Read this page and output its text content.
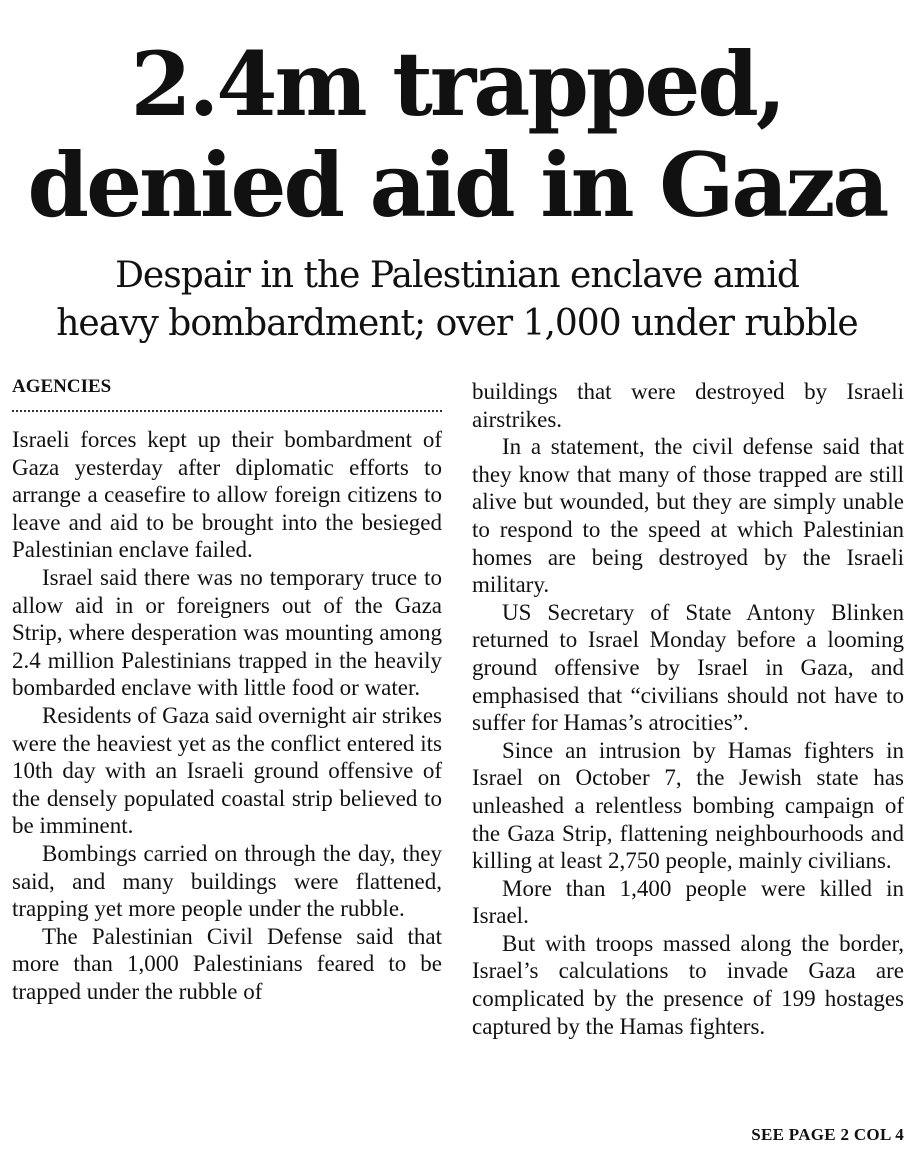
2.4m trapped,
denied aid in Gaza
Despair in the Palestinian enclave amid
heavy bombardment; over 1,000 under rubble
AGENCIES

Israeli forces kept up their bombardment of Gaza yesterday after diplomatic efforts to arrange a ceasefire to allow foreign citizens to leave and aid to be brought into the besieged Palestinian enclave failed.

Israel said there was no temporary truce to allow aid in or foreigners out of the Gaza Strip, where desperation was mounting among 2.4 million Palestinians trapped in the heavily bombarded enclave with little food or water.

Residents of Gaza said overnight air strikes were the heaviest yet as the conflict entered its 10th day with an Israeli ground offensive of the densely populated coastal strip believed to be imminent.

Bombings carried on through the day, they said, and many buildings were flattened, trapping yet more people under the rubble.

The Palestinian Civil Defense said that more than 1,000 Palestinians feared to be trapped under the rubble of

buildings that were destroyed by Israeli airstrikes.

In a statement, the civil defense said that they know that many of those trapped are still alive but wounded, but they are simply unable to respond to the speed at which Palestinian homes are being destroyed by the Israeli military.

US Secretary of State Antony Blinken returned to Israel Monday before a looming ground offensive by Israel in Gaza, and emphasised that “civilians should not have to suffer for Hamas’s atrocities”.

Since an intrusion by Hamas fighters in Israel on October 7, the Jewish state has unleashed a relentless bombing campaign of the Gaza Strip, flattening neighbourhoods and killing at least 2,750 people, mainly civilians.

More than 1,400 people were killed in Israel.

But with troops massed along the border, Israel’s calculations to invade Gaza are complicated by the presence of 199 hostages captured by the Hamas fighters.

SEE PAGE 2 COL 4
